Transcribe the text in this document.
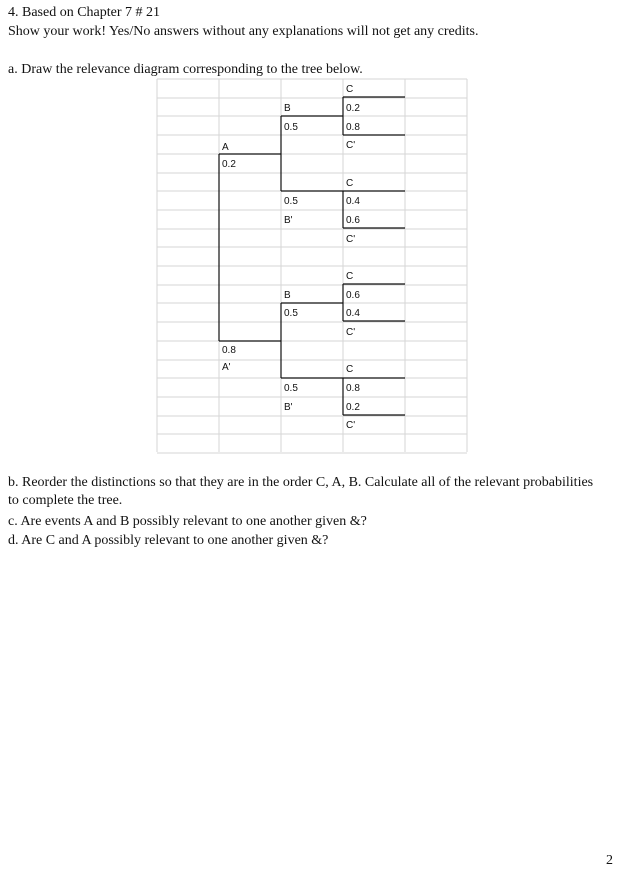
4. Based on Chapter 7 # 21
Show your work! Yes/No answers without any explanations will not get any credits.
a. Draw the relevance diagram corresponding to the tree below.
A
0.2
0.8
A'
B
0.5
0.5
B'
B
0.5
0.5
B'
C
0.2
0.8
C'
C
0.4
0.6
C'
C
0.6
0.4
C'
C
0.8
0.2
C'
b. Reorder the distinctions so that they are in the order C, A, B. Calculate all of the relevant probabilities to complete the tree.
c. Are events A and B possibly relevant to one another given &?
d. Are C and A possibly relevant to one another given &?
2
